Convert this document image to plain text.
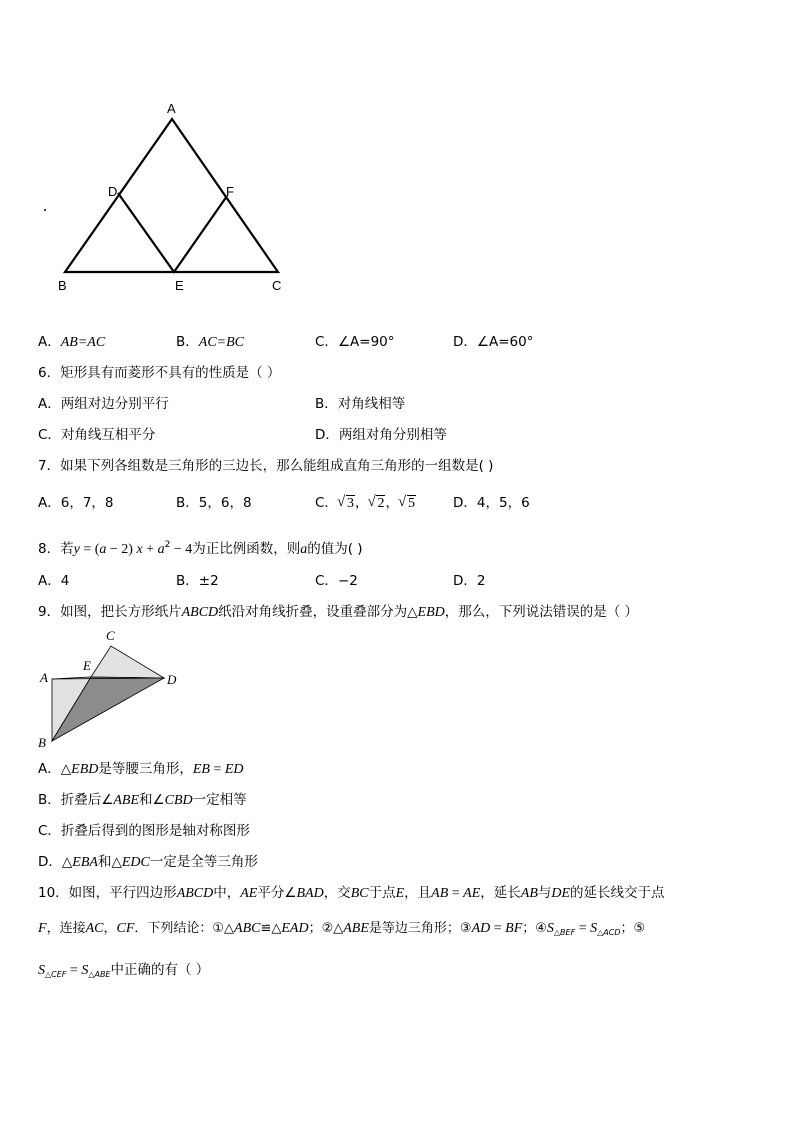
A
D	F
B	E	C
A．AB=AC	B．AC=BC	C．∠A=90°	D．∠A=60°
6．矩形具有而菱形不具有的性质是（ ）
A．两组对边分别平行	B．对角线相等
C．对角线互相平分	D．两组对角分别相等
7．如果下列各组数是三角形的三边长，那么能组成直角三角形的一组数是( )
A．6，7，8	B．5，6，8	C． √ 3， √ 2， √ 5	D．4，5，6
8．若y = (a − 2) $x + a^2 - 4$为正比例函数，则a的值为( )
A．4	B．±2	C．−2	D．2
9．如图，把长方形纸片ABCD纸沿对角线折叠，设重叠部分为△EBD，那么，下列说法错误的是（ ）
C
E
A	D
B
A．△EBD是等腰三角形，EB = ED
B．折叠后∠ABE和∠CBD一定相等
C．折叠后得到的图形是轴对称图形
D．△EBA和△EDC一定是全等三角形
10．如图，平行四边形ABCD中，AE平分∠BAD，交BC于点E，且AB = AE，延长AB与DE的延长线交于点
F，连接AC，CF．下列结论：①△ABC≌△EAD；②△ABE是等边三角形；③AD = BF；$④S_{\triangle BEF} = S_{\triangle ACD}$；⑤
$S_{\triangle CEF} = S_{\triangle ABE}$中正确的有（ ）
